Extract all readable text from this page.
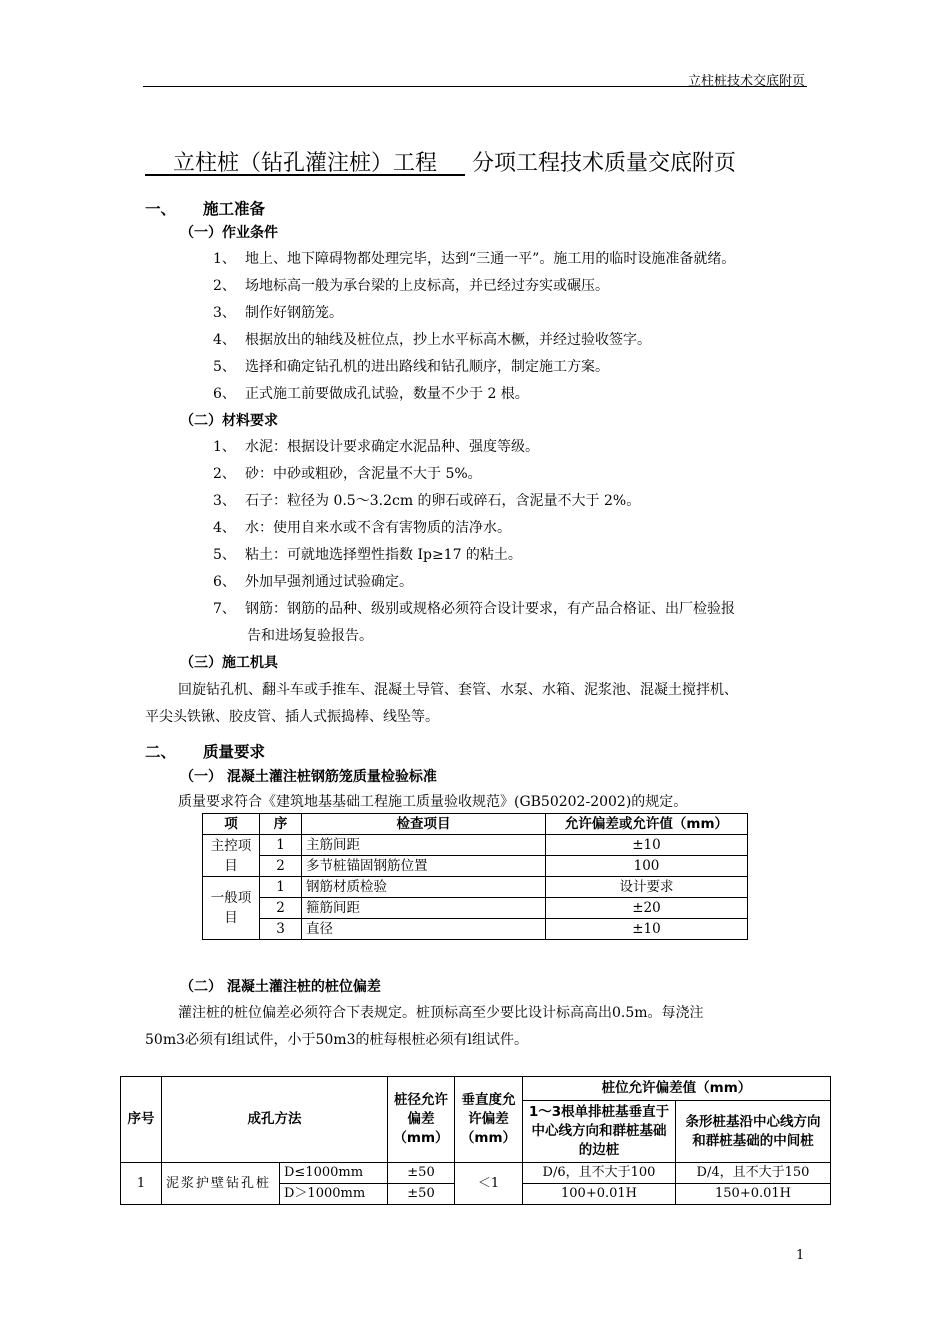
立柱桩技术交底附页
立柱桩（钻孔灌注桩）工程 分项工程技术质量交底附页
一、 施工准备
（一）作业条件
1、 地上、地下障碍物都处理完毕，达到“三通一平”。施工用的临时设施准备就绪。
2、 场地标高一般为承台梁的上皮标高，并已经过夯实或碾压。
3、 制作好钢筋笼。
4、 根据放出的轴线及桩位点，抄上水平标高木橛，并经过验收签字。
5、 选择和确定钻孔机的进出路线和钻孔顺序，制定施工方案。
6、 正式施工前要做成孔试验，数量不少于 2 根。
（二）材料要求
1、 水泥：根据设计要求确定水泥品种、强度等级。
2、 砂：中砂或粗砂，含泥量不大于 5%。
3、 石子：粒径为 0.5～3.2cm 的卵石或碎石，含泥量不大于 2%。
4、 水：使用自来水或不含有害物质的洁净水。
5、 粘土：可就地选择塑性指数 Ip≥17 的粘土。
6、 外加早强剂通过试验确定。
7、 钢筋：钢筋的品种、级别或规格必须符合设计要求，有产品合格证、出厂检验报
告和进场复验报告。
（三）施工机具
回旋钻孔机、翻斗车或手推车、混凝土导管、套管、水泵、水箱、泥浆池、混凝土搅拌机、
平尖头铁锹、胶皮管、插人式振捣棒、线坠等。
二、 质量要求
（一） 混凝土灌注桩钢筋笼质量检验标准
质量要求符合《建筑地基基础工程施工质量验收规范》(GB50202-2002)的规定。
项	序	检查项目	允许偏差或允许值（mm）
主控项目	1	主筋间距	±10
	2	多节桩锚固钢筋位置	100
一般项目	1	钢筋材质检验	设计要求
	2	箍筋间距	±20
	3	直径	±10
（二） 混凝土灌注桩的桩位偏差
灌注桩的桩位偏差必须符合下表规定。桩顶标高至少要比设计标高高出0.5m。每浇注
50m3必须有l组试件，小于50m3的桩每根桩必须有l组试件。
序号	成孔方法		桩径允许偏差（mm）	垂直度允许偏差（mm）	桩位允许偏差值（mm）	
					1～3根单排桩基垂直于中心线方向和群桩基础的边桩	条形桩基沿中心线方向和群桩基础的中间桩
1	泥浆护壁钻孔桩	D≤1000mm	±50	＜1	D/6，且不大于100	D/4，且不大于150
		D＞1000mm	±50		100+0.01H	150+0.01H
1
